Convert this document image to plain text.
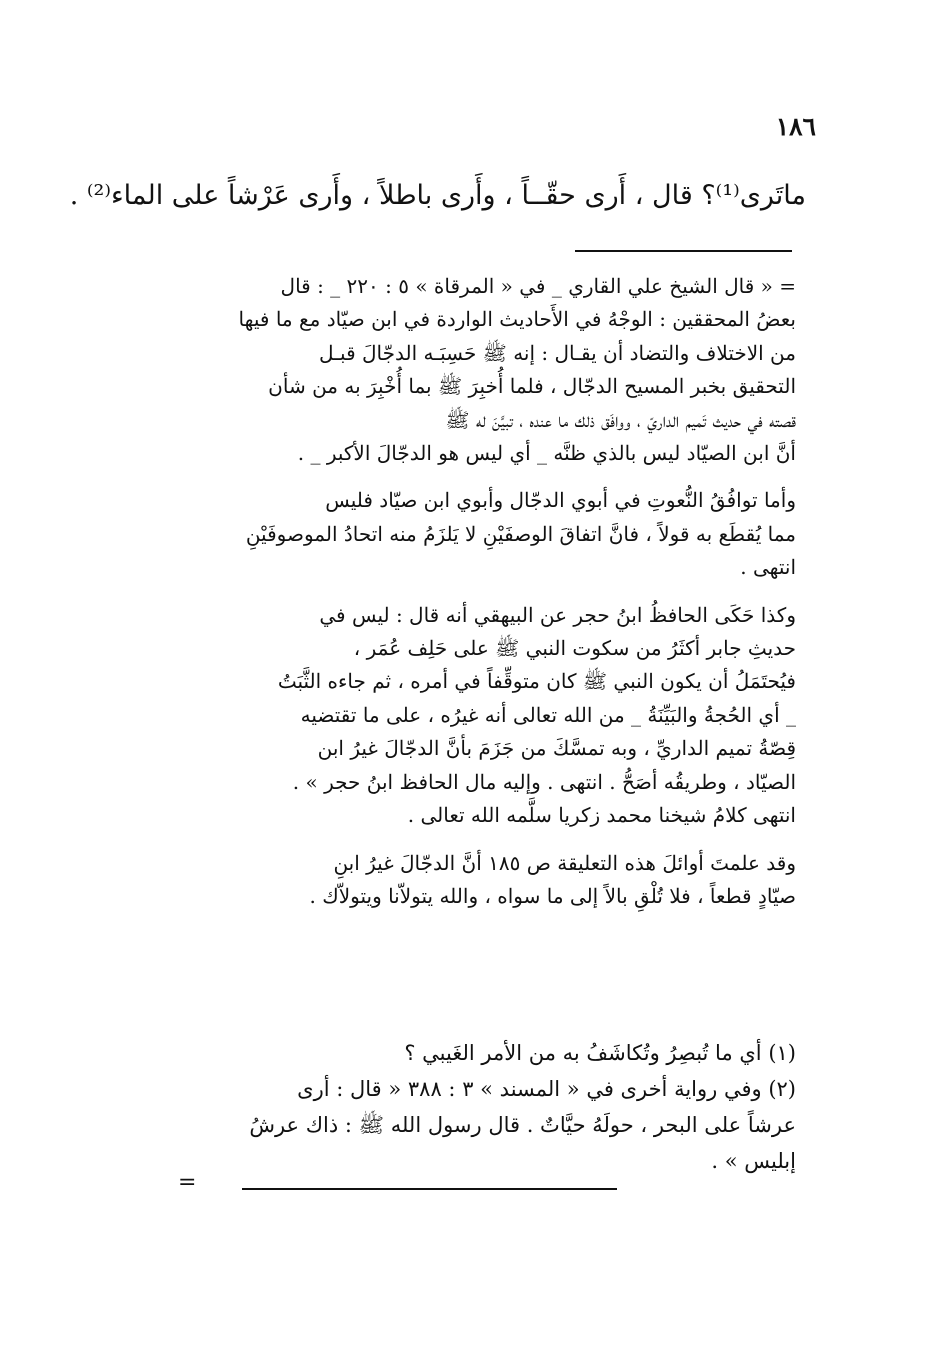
١٨٦
ماتَرى⁽¹⁾؟ قال ، أَرى حقّــاً ، وأَرى باطلاً ، وأَرى عَرْشاً على الماء⁽²⁾ .
= « قال الشيخ علي القاري _ في « المرقاة » ٥ : ٢٢٠ _ : قال
بعضُ المحققين : الوجْهُ في الأَحاديث الواردة في ابن صيّاد مع ما فيها
من الاختلاف والتضاد أن يقـال : إنه ﷺ حَسِبَـه الدجّالَ قبـل
التحقيق بخبر المسيح الدجّال ، فلما أُخبِرَ ﷺ بما أُخْبِرَ به من شأن
قصته في حديث تَميم الداريّ ، ووافَق ذلك ما عنده ، تبيَّنَ له ﷺ
أنَّ ابن الصيّاد ليس بالذي ظنَّه _ أي ليس هو الدجّالَ الأكبر _ .
وأما توافُقُ النُّعوتِ في أبوي الدجّال وأبوي ابن صيّاد فليس
مما يُقطَع به قولاً ، فانَّ اتفاقَ الوصفَيْنِ لا يَلزَمُ منه اتحادُ الموصوفَيْنِ
انتهى .
وكذا حَكَى الحافظُ ابنُ حجر عن البيهقي أنه قال : ليس في
حديثِ جابر أكثَرُ من سكوت النبي ﷺ على حَلِف عُمَر ،
فيُحتَمَلُ أن يكون النبي ﷺ كان متوقِّفاً في أمره ، ثم جاءه الثَّبَتُ
_ أي الحُجةُ والبَيِّنَةُ _ من الله تعالى أنه غيرُه ، على ما تقتضيه
قِصّةُ تميم الداريِّ ، وبه تمسَّكَ من جَزَمَ بأنَّ الدجّالَ غيرُ ابن
الصيّاد ، وطريقُه أصَحُّ . انتهى . وإليه مال الحافظ ابنُ حجر » .
انتهى كلامُ شيخنا محمد زكريا سلَّمه الله تعالى .
وقد علمتَ أوائلَ هذه التعليقة ص ١٨٥ أنَّ الدجّالَ غيرُ ابنِ
صيّادٍ قطعاً ، فلا تُلْقِ بالاً إلى ما سواه ، والله يتولاّنا ويتولاّك .
(١) أي ما تُبصِرُ وتُكاشَفُ به من الأمر الغَيبي ؟
(٢) وفي رواية أخرى في « المسند » ٣ : ٣٨٨ « قال : أرى
عرشاً على البحر ، حولَهُ حيَّاتٌ . قال رسول الله ﷺ : ذاك عرشُ
إبليس » .
=
